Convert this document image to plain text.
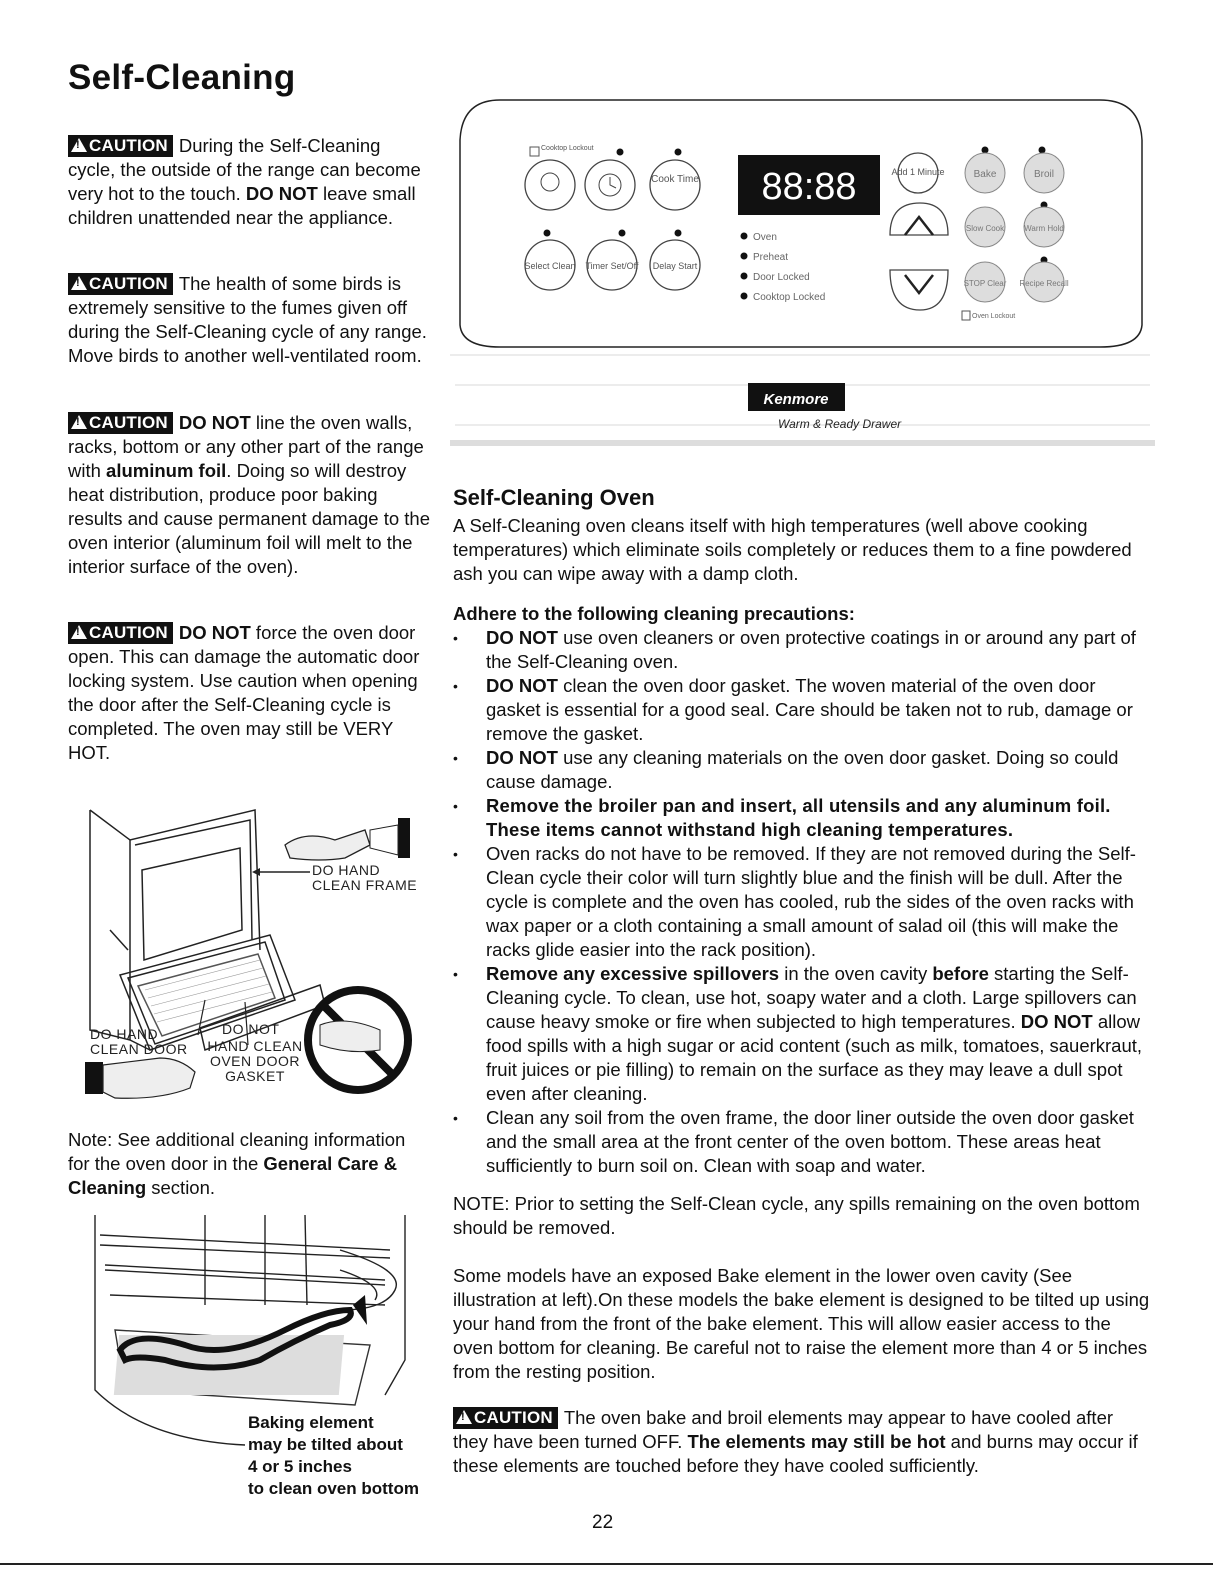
Self-Cleaning
!CAUTION During the Self-Cleaning cycle, the outside of the range can become very hot to the touch. DO NOT leave small children unattended near the appliance.
!CAUTION The health of some birds is extremely sensitive to the fumes given off during the Self-Cleaning cycle of any range. Move birds to another well-ventilated room.
!CAUTION DO NOT line the oven walls, racks, bottom or any other part of the range with aluminum foil. Doing so will destroy heat distribution, produce poor baking results and cause permanent damage to the oven interior (aluminum foil will melt to the interior surface of the oven).
!CAUTION DO NOT force the oven door open. This can damage the automatic door locking system. Use caution when opening the door after the Self-Cleaning cycle is completed. The oven may still be VERY HOT.
DO HAND CLEAN FRAME
DO HAND CLEAN DOOR
DO NOT
HAND CLEAN OVEN DOOR GASKET
Note: See additional cleaning information for the oven door in the General Care & Cleaning section.
Baking element
may be tilted about
4 or 5 inches
to clean oven bottom
Cooktop Lockout
Cook Time
Select Clean Timer Set/Off Delay Start
88:88
Oven
Preheat
Door Locked
Cooktop Locked
Add 1 Minute	Bake	Broil
Slow Cook	Warm Hold
STOP Clear Recipe Recall
Oven Lockout
Kenmore
Warm & Ready Drawer
Self-Cleaning Oven
A Self-Cleaning oven cleans itself with high temperatures (well above cooking temperatures) which eliminate soils completely or reduces them to a fine powdered ash you can wipe away with a damp cloth.
Adhere to the following cleaning precautions:
• DO NOT use oven cleaners or oven protective coatings in or around any part of the Self-Cleaning oven.
• DO NOT clean the oven door gasket. The woven material of the oven door gasket is essential for a good seal. Care should be taken not to rub, damage or remove the gasket.
• DO NOT use any cleaning materials on the oven door gasket. Doing so could cause damage.
• Remove the broiler pan and insert, all utensils and any aluminum foil. These items cannot withstand high cleaning temperatures.
• Oven racks do not have to be removed. If they are not removed during the Self-Clean cycle their color will turn slightly blue and the finish will be dull. After the cycle is complete and the oven has cooled, rub the sides of the oven racks with wax paper or a cloth containing a small amount of salad oil (this will make the racks glide easier into the rack position).
• Remove any excessive spillovers in the oven cavity before starting the Self-Cleaning cycle. To clean, use hot, soapy water and a cloth. Large spillovers can cause heavy smoke or fire when subjected to high temperatures. DO NOT allow food spills with a high sugar or acid content (such as milk, tomatoes, sauerkraut, fruit juices or pie filling) to remain on the surface as they may leave a dull spot even after cleaning.
• Clean any soil from the oven frame, the door liner outside the oven door gasket and the small area at the front center of the oven bottom. These areas heat sufficiently to burn soil on. Clean with soap and water.
NOTE: Prior to setting the Self-Clean cycle, any spills remaining on the oven bottom should be removed.
Some models have an exposed Bake element in the lower oven cavity (See illustration at left).On these models the bake element is designed to be tilted up using your hand from the front of the bake element. This will allow easier access to the oven bottom for cleaning. Be careful not to raise the element more than 4 or 5 inches from the resting position.
!CAUTION The oven bake and broil elements may appear to have cooled after they have been turned OFF. The elements may still be hot and burns may occur if these elements are touched before they have cooled sufficiently.
22
